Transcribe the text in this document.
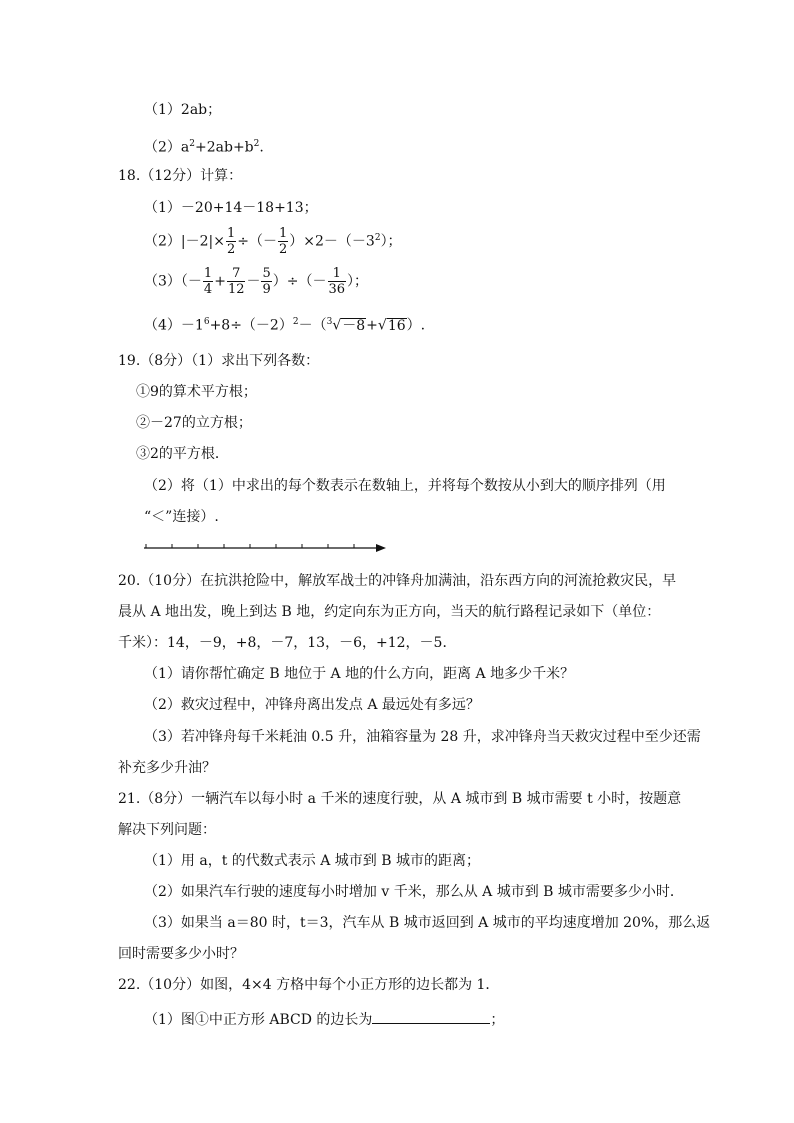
（1）2ab；
$(2)a^2+2ab+b^2$.
18.（12分）计算：
（1）－20+14－18+13；
$(2)|-2|\times \frac{1}{2}$ ÷（－ $\frac{1}{2} )\times 2-(-3^2)$；
$(3)(- \frac{1}{4} + \frac{7}{12} - \frac{5}{9}$ ）÷（－ $\frac{1}{36}$ ）；
$(4)-1^6+8\div(-2)^2-(^3√-8+√16)$.
19.（8分）（1）求出下列各数：
①9的算术平方根；
②－27的立方根；
③2的平方根．
（2）将（1）中求出的每个数表示在数轴上，并将每个数按从小到大的顺序排列（用
“＜”连接）.
20.（10分）在抗洪抢险中，解放军战士的冲锋舟加满油，沿东西方向的河流抢救灾民，早
晨从 A 地出发，晚上到达 B 地，约定向东为正方向，当天的航行路程记录如下（单位：
千米）：14，－9，+8，－7，13，－6，+12，－5．
（1）请你帮忙确定 B 地位于 A 地的什么方向，距离 A 地多少千米？
（2）救灾过程中，冲锋舟离出发点 A 最远处有多远？
（3）若冲锋舟每千米耗油 0.5 升，油箱容量为 28 升，求冲锋舟当天救灾过程中至少还需
补充多少升油？
21.（8分）一辆汽车以每小时 a 千米的速度行驶，从 A 城市到 B 城市需要 t 小时，按题意
解决下列问题：
（1）用 a，t 的代数式表示 A 城市到 B 城市的距离；
（2）如果汽车行驶的速度每小时增加 v 千米，那么从 A 城市到 B 城市需要多少小时．
（3）如果当 a＝80 时，t＝3，汽车从 B 城市返回到 A 城市的平均速度增加 20%，那么返
回时需要多少小时？
22.（10分）如图，4×4 方格中每个小正方形的边长都为 1．
（1）图①中正方形 ABCD 的边长为	；
